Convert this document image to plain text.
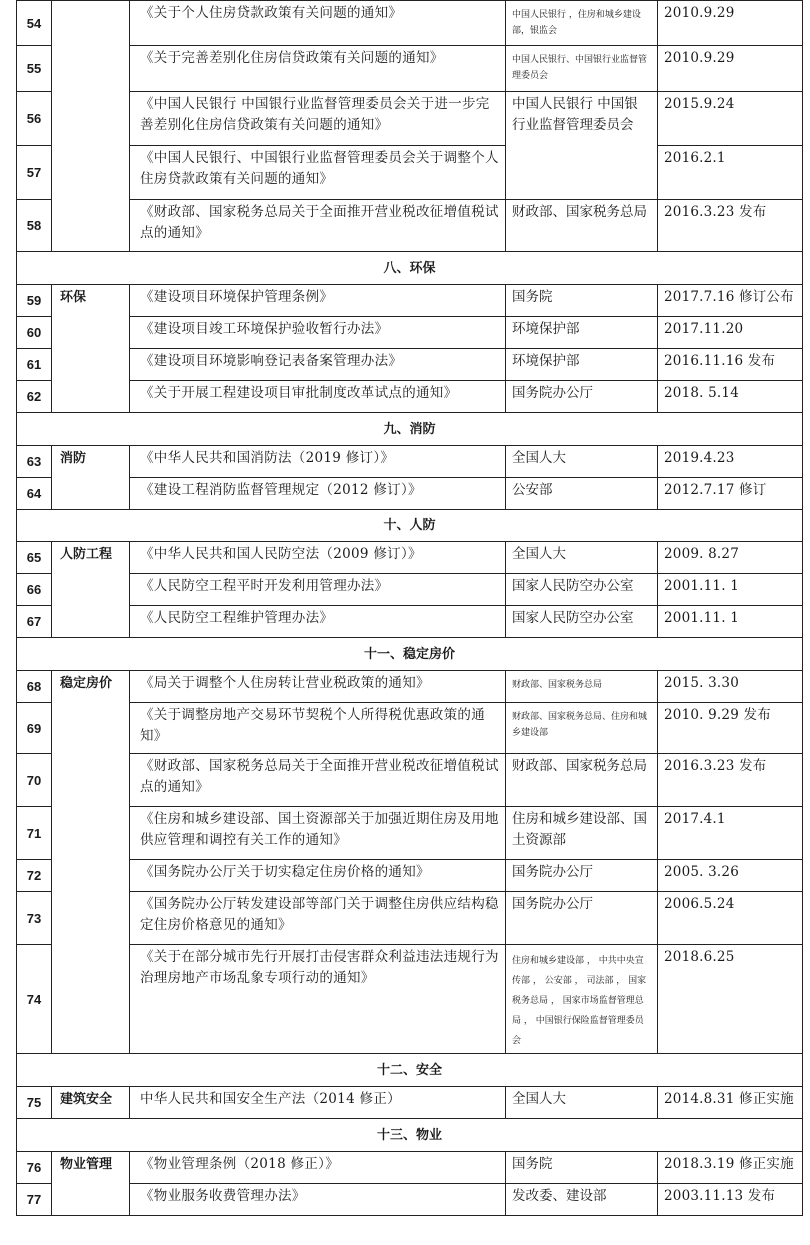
54		《关于个人住房贷款政策有关问题的通知》	中国人民银行 ，住房和城乡建设部，银监会	2010.9.29
55		《关于完善差别化住房信贷政策有关问题的通知》	中国人民银行、中国银行业监督管理委员会	2010.9.29
56		《中国人民银行 中国银行业监督管理委员会关于进一步完善差别化住房信贷政策有关问题的通知》	中国人民银行 中国银行业监督管理委员会	2015.9.24
57		《中国人民银行、中国银行业监督管理委员会关于调整个人住房贷款政策有关问题的通知》		2016.2.1
58		《财政部、国家税务总局关于全面推开营业税改征增值税试点的通知》	财政部、国家税务总局	2016.3.23 发布
八、环保				
59	环保	《建设项目环境保护管理条例》	国务院	2017.7.16 修订公布
60		《建设项目竣工环境保护验收暂行办法》	环境保护部	2017.11.20
61		《建设项目环境影响登记表备案管理办法》	环境保护部	2016.11.16 发布
62		《关于开展工程建设项目审批制度改革试点的通知》	国务院办公厅	2018. 5.14
九、消防				
63	消防	《中华人民共和国消防法（2019 修订）》	全国人大	2019.4.23
64		《建设工程消防监督管理规定（2012 修订）》	公安部	2012.7.17 修订
十、人防				
65	人防工程	《中华人民共和国人民防空法（2009 修订）》	全国人大	2009. 8.27
66		《人民防空工程平时开发利用管理办法》	国家人民防空办公室	2001.11. 1
67		《人民防空工程维护管理办法》	国家人民防空办公室	2001.11. 1
十一、稳定房价				
68	稳定房价	《局关于调整个人住房转让营业税政策的通知》	财政部、国家税务总局	2015. 3.30
69		《关于调整房地产交易环节契税个人所得税优惠政策的通知》	财政部、国家税务总局、住房和城乡建设部	2010. 9.29 发布
70		《财政部、国家税务总局关于全面推开营业税改征增值税试点的通知》	财政部、国家税务总局	2016.3.23 发布
71		《住房和城乡建设部、国土资源部关于加强近期住房及用地供应管理和调控有关工作的通知》	住房和城乡建设部、国土资源部	2017.4.1
72		《国务院办公厅关于切实稳定住房价格的通知》	国务院办公厅	2005. 3.26
73		《国务院办公厅转发建设部等部门关于调整住房供应结构稳定住房价格意见的通知》	国务院办公厅	2006.5.24
74		《关于在部分城市先行开展打击侵害群众利益违法违规行为治理房地产市场乱象专项行动的通知》	住房和城乡建设部 ， 中共中央宣传部 ， 公安部 ， 司法部 ， 国家税务总局 ， 国家市场监督管理总局 ， 中国银行保险监督管理委员会	2018.6.25
十二、安全				
75	建筑安全	中华人民共和国安全生产法（2014 修正）	全国人大	2014.8.31 修正实施
十三、物业				
76	物业管理	《物业管理条例（2018 修正）》	国务院	2018.3.19 修正实施
77		《物业服务收费管理办法》	发改委、建设部	2003.11.13 发布
